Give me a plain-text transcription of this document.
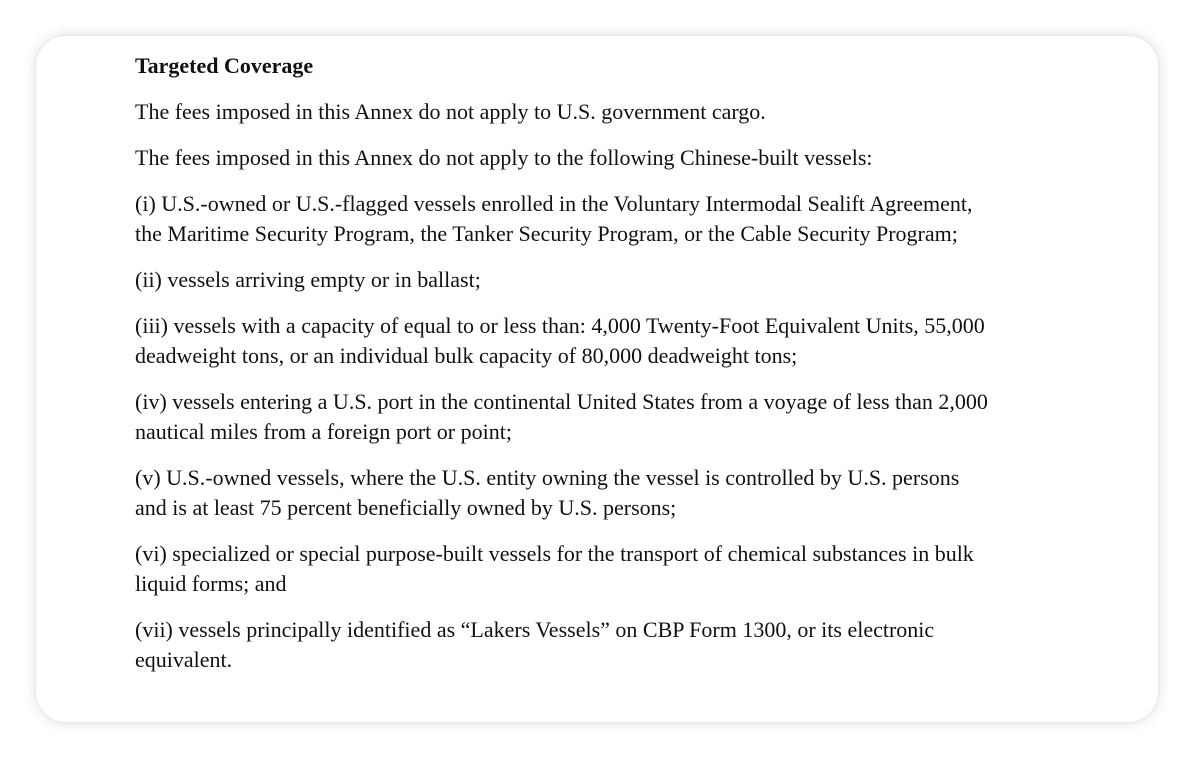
Targeted Coverage

The fees imposed in this Annex do not apply to U.S. government cargo.

The fees imposed in this Annex do not apply to the following Chinese-built vessels:

(i) U.S.-owned or U.S.-flagged vessels enrolled in the Voluntary Intermodal Sealift Agreement,
the Maritime Security Program, the Tanker Security Program, or the Cable Security Program;

(ii) vessels arriving empty or in ballast;

(iii) vessels with a capacity of equal to or less than: 4,000 Twenty-Foot Equivalent Units, 55,000
deadweight tons, or an individual bulk capacity of 80,000 deadweight tons;

(iv) vessels entering a U.S. port in the continental United States from a voyage of less than 2,000
nautical miles from a foreign port or point;

(v) U.S.-owned vessels, where the U.S. entity owning the vessel is controlled by U.S. persons
and is at least 75 percent beneficially owned by U.S. persons;

(vi) specialized or special purpose-built vessels for the transport of chemical substances in bulk
liquid forms; and

(vii) vessels principally identified as “Lakers Vessels” on CBP Form 1300, or its electronic
equivalent.
